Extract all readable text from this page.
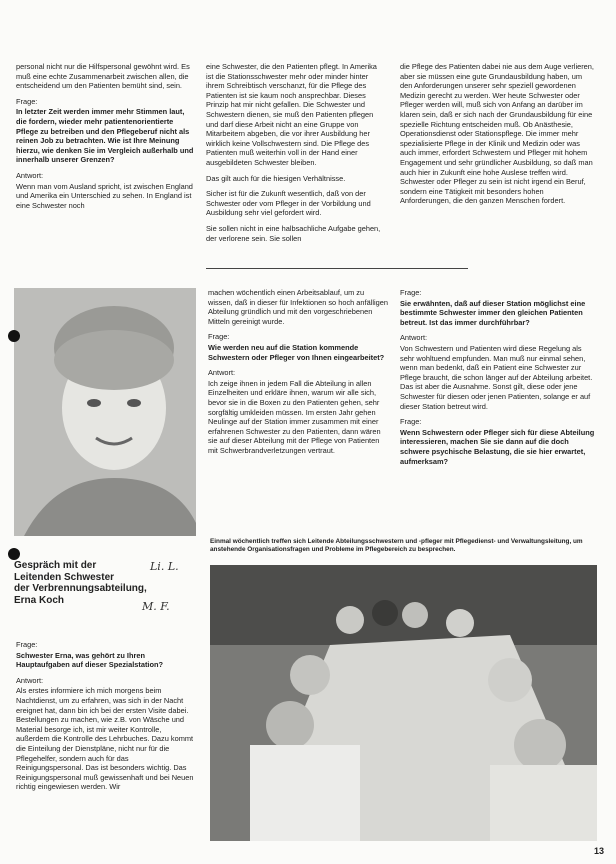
personal nicht nur die Hilfspersonal gewöhnt wird. Es muß eine echte Zusammenarbeit zwischen allen, die entscheidend um den Patienten bemüht sind, sein.

Frage:

In letzter Zeit werden immer mehr Stimmen laut, die fordern, wieder mehr patientenorientierte Pflege zu betreiben und den Pflegeberuf nicht als reinen Job zu betrachten. Wie ist Ihre Meinung hierzu, wie denken Sie im Vergleich außerhalb und innerhalb unserer Grenzen?

Antwort:

Wenn man vom Ausland spricht, ist zwischen England und Amerika ein Unterschied zu sehen. In England ist eine Schwester noch

eine Schwester, die den Patienten pflegt. In Amerika ist die Stationsschwester mehr oder minder hinter ihrem Schreibtisch verschanzt, für die Pflege des Patienten ist sie kaum noch ansprechbar. Dieses Prinzip hat mir nicht gefallen. Die Schwester und Schwestern dienen, sie muß den Patienten pflegen und darf diese Arbeit nicht an eine Gruppe von Mitarbeitern abgeben, die vor ihrer Ausbildung her wirklich keine Vollschwestern sind. Die Pflege des Patienten muß weiterhin voll in der Hand einer ausgebildeten Schwester bleiben.

Das gilt auch für die hiesigen Verhältnisse.

Sicher ist für die Zukunft wesentlich, daß von der Schwester oder vom Pfleger in der Vorbildung und Ausbildung sehr viel gefordert wird.

Sie sollen nicht in eine halbsachliche Aufgabe gehen, der verlorene sein. Sie sollen

die Pflege des Patienten dabei nie aus dem Auge verlieren, aber sie müssen eine gute Grundausbildung haben, um den Anforderungen unserer sehr speziell gewordenen Medizin gerecht zu werden. Wer heute Schwester oder Pfleger werden will, muß sich von Anfang an darüber im klaren sein, daß er sich nach der Grundausbildung für eine spezielle Richtung entscheiden muß. Ob Anästhesie, Operationsdienst oder Stationspflege. Die immer mehr spezialisierte Pflege in der Klinik und Medizin oder was auch immer, erfordert Schwestern und Pfleger mit hohem Engagement und sehr gründlicher Ausbildung, so daß man auch hier in Zukunft eine hohe Auslese treffen wird. Schwester oder Pfleger zu sein ist nicht irgend ein Beruf, sondern eine Tätigkeit mit besonders hohen Anforderungen, die den ganzen Menschen fordert.

machen wöchentlich einen Arbeitsablauf, um zu wissen, daß in dieser für Infektionen so hoch anfälligen Abteilung gründlich und mit den vorgeschriebenen Mitteln gereinigt wurde.

Frage:

Wie werden neu auf die Station kommende Schwestern oder Pfleger von Ihnen eingearbeitet?

Antwort:

Ich zeige ihnen in jedem Fall die Abteilung in allen Einzelheiten und erkläre ihnen, warum wir alle sich, bevor sie in die Boxen zu den Patienten gehen, sehr sorgfältig umkleiden müssen. Im ersten Jahr gehen Neulinge auf der Station immer zusammen mit einer erfahrenen Schwester zu den Patienten, dann wären sie auf dieser Abteilung mit der Pflege von Patienten mit Schwerbrandverletzungen vertraut.

Frage:

Sie erwähnten, daß auf dieser Station möglichst eine bestimmte Schwester immer den gleichen Patienten betreut. Ist das immer durchführbar?

Antwort:

Von Schwestern und Patienten wird diese Regelung als sehr wohltuend empfunden. Man muß nur einmal sehen, wenn man bedenkt, daß ein Patient eine Schwester zur Pflege braucht, die schon länger auf der Abteilung arbeitet. Das ist aber die Ausnahme. Sonst gilt, diese oder jene Schwester für diesen oder jenen Patienten, solange er auf dieser Station betreut wird.

Frage:

Wenn Schwestern oder Pfleger sich für diese Abteilung interessieren, machen Sie sie dann auf die doch schwere psychische Belastung, die sie hier erwartet, aufmerksam?

Gespräch mit der
Leitenden Schwester
der Verbrennungsabteilung,
Erna Koch
Li. L.
M. F.
Einmal wöchentlich treffen sich Leitende Abteilungsschwestern und -pfleger mit Pflegedienst- und Verwaltungsleitung, um anstehende Organisationsfragen und Probleme im Pflegebereich zu besprechen.

Frage:

Schwester Erna, was gehört zu Ihren Hauptaufgaben auf dieser Spezialstation?

Antwort:

Als erstes informiere ich mich morgens beim Nachtdienst, um zu erfahren, was sich in der Nacht ereignet hat, dann bin ich bei der ersten Visite dabei. Bestellungen zu machen, wie z.B. von Wäsche und Material besorge ich, ist mir weiter Kontrolle, außerdem die Kontrolle des Lehrbuches. Dazu kommt die Einteilung der Dienstpläne, nicht nur für die Pflegehelfer, sondern auch für das Reinigungspersonal. Das ist besonders wichtig. Das Reinigungspersonal muß gewissenhaft und bei Neuen richtig eingewiesen werden. Wir

13
